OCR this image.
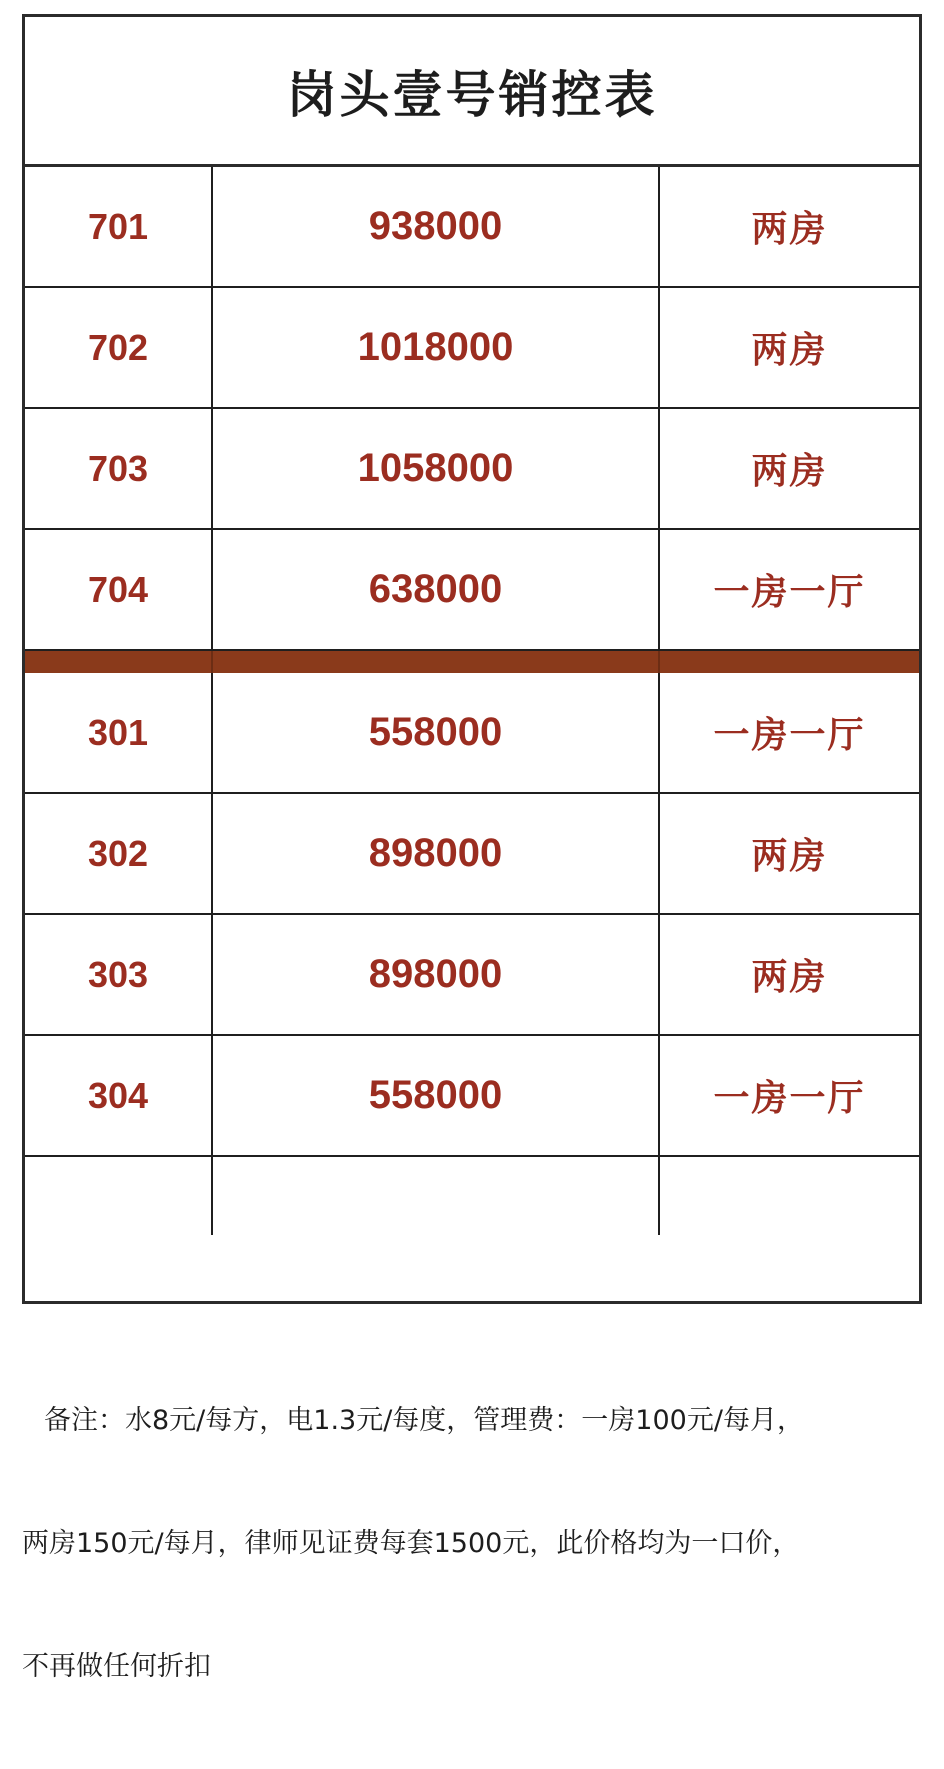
岗头壹号销控表
701	938000	两房
702	1018000	两房
703	1058000	两房
704	638000	一房一厅
301	558000	一房一厅
302	898000	两房
303	898000	两房
304	558000	一房一厅

备注：水8元/每方，电1.3元/每度，管理费：一房100元/每月，

两房150元/每月，律师见证费每套1500元，此价格均为一口价，

不再做任何折扣
